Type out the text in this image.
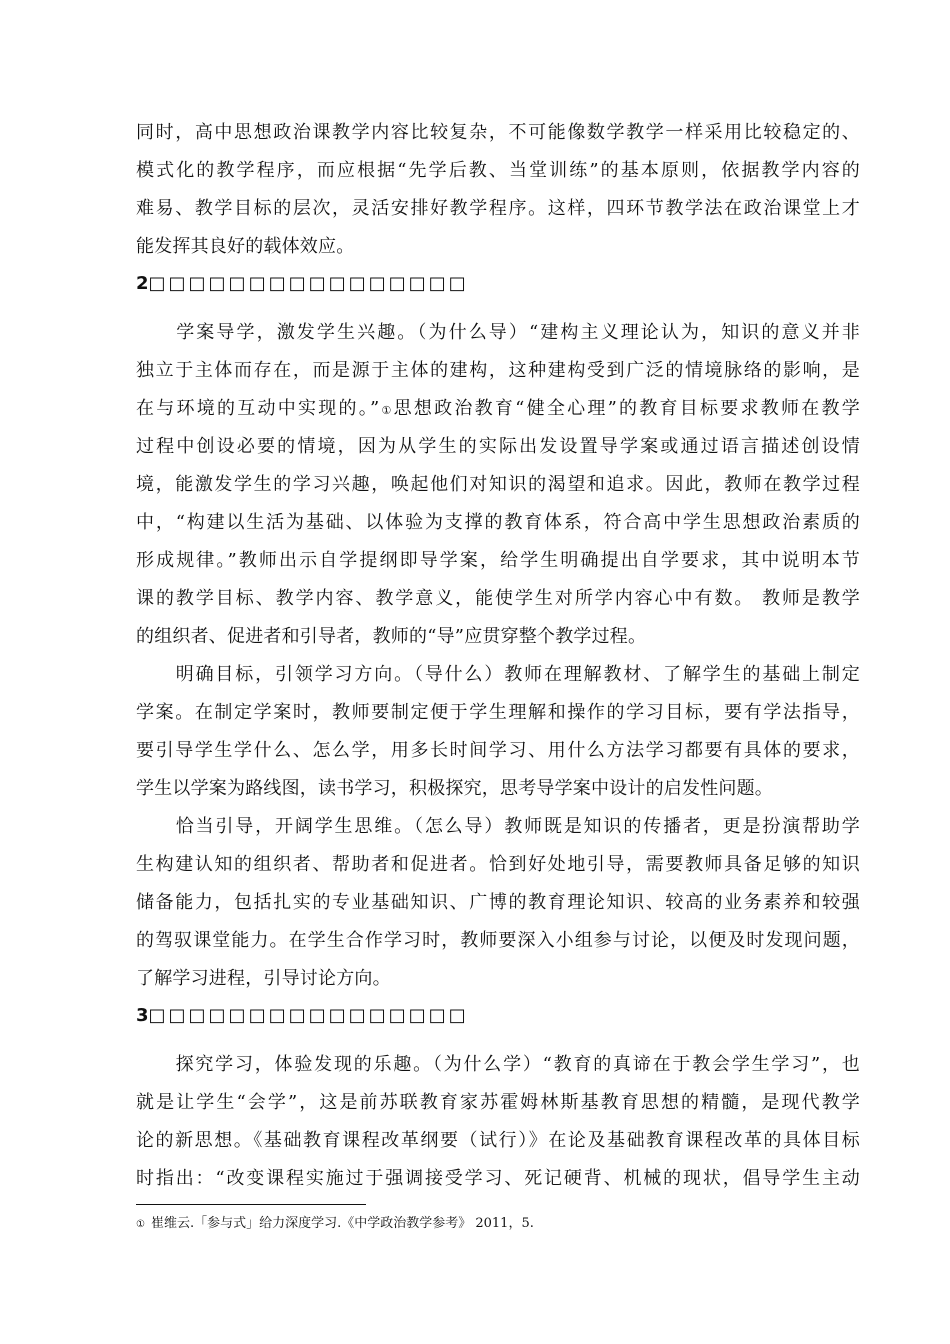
同时，高中思想政治课教学内容比较复杂，不可能像数学教学一样采用比较稳定的、
模式化的教学程序，而应根据“先学后教、当堂训练”的基本原则，依据教学内容的
难易、教学目标的层次，灵活安排好教学程序。这样，四环节教学法在政治课堂上才
能发挥其良好的载体效应。
2□□□□□□□□□□□□□□□□
　　学案导学，激发学生兴趣。（为什么导）“建构主义理论认为，知识的意义并非
独立于主体而存在，而是源于主体的建构，这种建构受到广泛的情境脉络的影响，是
在与环境的互动中实现的。”①思想政治教育“健全心理”的教育目标要求教师在教学
过程中创设必要的情境，因为从学生的实际出发设置导学案或通过语言描述创设情
境，能激发学生的学习兴趣，唤起他们对知识的渴望和追求。因此，教师在教学过程
中，“构建以生活为基础、以体验为支撑的教育体系，符合高中学生思想政治素质的
形成规律。”教师出示自学提纲即导学案，给学生明确提出自学要求，其中说明本节
课的教学目标、教学内容、教学意义，能使学生对所学内容心中有数。 教师是教学
的组织者、促进者和引导者，教师的“导”应贯穿整个教学过程。
　　明确目标，引领学习方向。（导什么）教师在理解教材、了解学生的基础上制定
学案。在制定学案时，教师要制定便于学生理解和操作的学习目标，要有学法指导，
要引导学生学什么、怎么学，用多长时间学习、用什么方法学习都要有具体的要求，
学生以学案为路线图，读书学习，积极探究，思考导学案中设计的启发性问题。
　　恰当引导，开阔学生思维。（怎么导）教师既是知识的传播者，更是扮演帮助学
生构建认知的组织者、帮助者和促进者。恰到好处地引导，需要教师具备足够的知识
储备能力，包括扎实的专业基础知识、广博的教育理论知识、较高的业务素养和较强
的驾驭课堂能力。在学生合作学习时，教师要深入小组参与讨论，以便及时发现问题，
了解学习进程，引导讨论方向。
3□□□□□□□□□□□□□□□□
　　探究学习，体验发现的乐趣。（为什么学）“教育的真谛在于教会学生学习”，也
就是让学生“会学”，这是前苏联教育家苏霍姆林斯基教育思想的精髓，是现代教学
论的新思想。《基础教育课程改革纲要（试行）》在论及基础教育课程改革的具体目标
时指出：“改变课程实施过于强调接受学习、死记硬背、机械的现状，倡导学生主动
① 崔维云.「参与式」给力深度学习.《中学政治教学参考》 2011，5.
